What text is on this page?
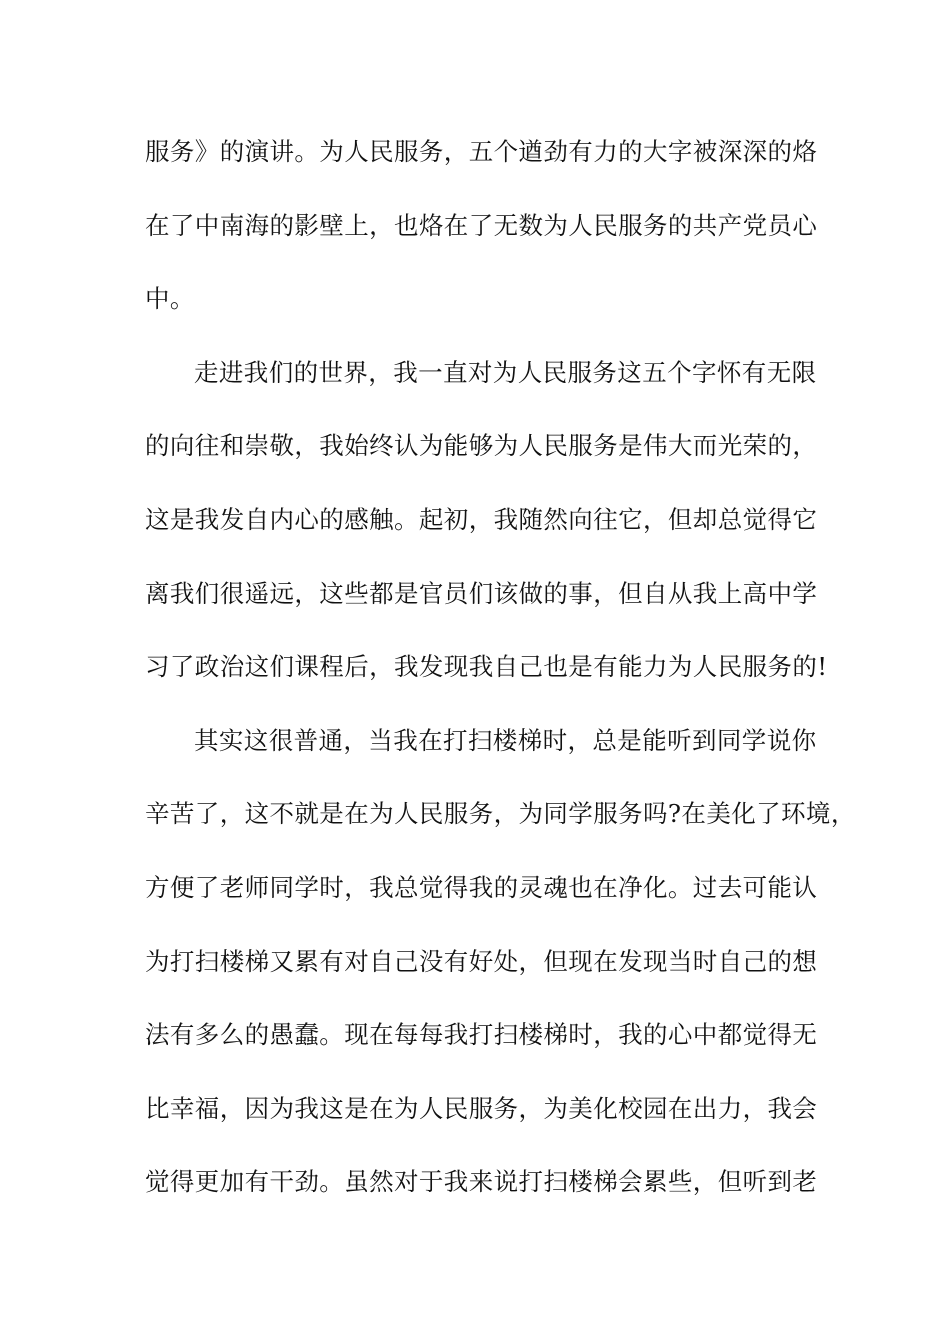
服务》的演讲。为人民服务，五个遒劲有力的大字被深深的烙
在了中南海的影壁上，也烙在了无数为人民服务的共产党员心
中。
走进我们的世界，我一直对为人民服务这五个字怀有无限
的向往和崇敬，我始终认为能够为人民服务是伟大而光荣的，
这是我发自内心的感触。起初，我随然向往它，但却总觉得它
离我们很遥远，这些都是官员们该做的事，但自从我上高中学
习了政治这们课程后，我发现我自己也是有能力为人民服务的!
其实这很普通，当我在打扫楼梯时，总是能听到同学说你
辛苦了，这不就是在为人民服务，为同学服务吗?在美化了环境，
方便了老师同学时，我总觉得我的灵魂也在净化。过去可能认
为打扫楼梯又累有对自己没有好处，但现在发现当时自己的想
法有多么的愚蠢。现在每每我打扫楼梯时，我的心中都觉得无
比幸福，因为我这是在为人民服务，为美化校园在出力，我会
觉得更加有干劲。虽然对于我来说打扫楼梯会累些，但听到老
